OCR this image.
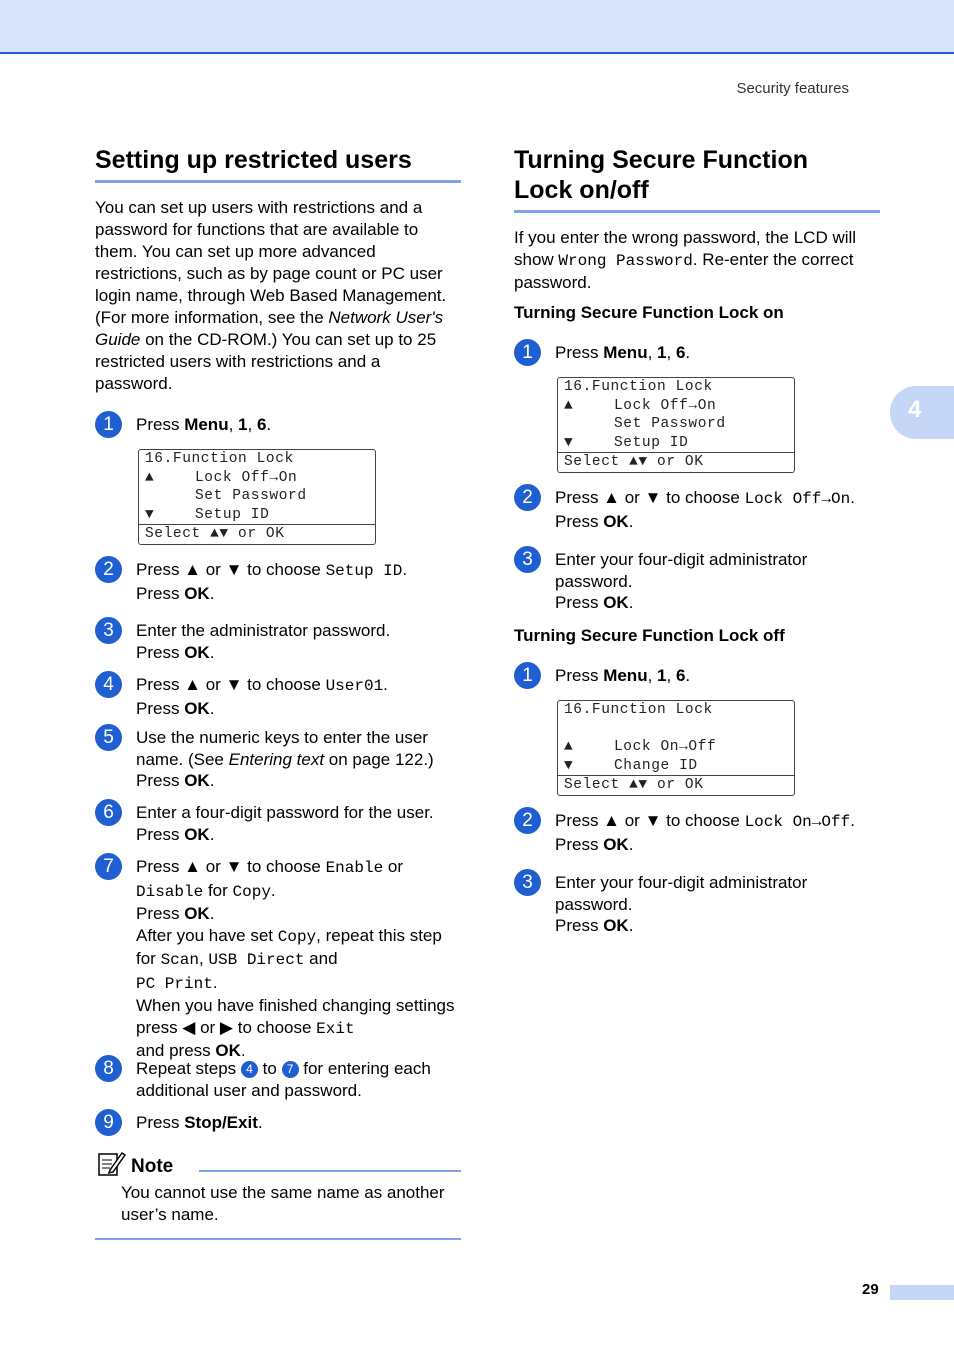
Security features
4
29
Setting up restricted users
You can set up users with restrictions and a password for functions that are available to them. You can set up more advanced restrictions, such as by page count or PC user login name, through Web Based Management. (For more information, see the Network User's Guide on the CD-ROM.) You can set up to 25 restricted users with restrictions and a password.
1	Press Menu, 1, 6.
16.Function Lock
▲	Lock Off→On
Set Password
▼	Setup ID
Select ▲▼ or OK
2	Press ▲ or ▼ to choose Setup ID.
Press OK.
3	Enter the administrator password.
Press OK.
4	Press ▲ or ▼ to choose User01.
Press OK.
5	Use the numeric keys to enter the user name. (See Entering text on page 122.)
Press OK.
6	Enter a four-digit password for the user.
Press OK.
7	Press ▲ or ▼ to choose Enable or
Disable for Copy.
Press OK.
After you have set Copy, repeat this step for Scan, USB Direct and
PC Print.
When you have finished changing settings press ◀ or ▶ to choose Exit
and press OK.
8	Repeat steps 4 to 7 for entering each additional user and password.
9	Press Stop/Exit.
Note
You cannot use the same name as another user’s name.
Turning Secure Function
Lock on/off
If you enter the wrong password, the LCD will show Wrong Password. Re-enter the correct password.
Turning Secure Function Lock on
1	Press Menu, 1, 6.
16.Function Lock
▲	Lock Off→On
Set Password
▼	Setup ID
Select ▲▼ or OK
2	Press ▲ or ▼ to choose Lock Off→On.
Press OK.
3	Enter your four-digit administrator password.
Press OK.
Turning Secure Function Lock off
1	Press Menu, 1, 6.
16.Function Lock
▲	Lock On→Off
▼	Change ID
Select ▲▼ or OK
2	Press ▲ or ▼ to choose Lock On→Off.
Press OK.
3	Enter your four-digit administrator password.
Press OK.
